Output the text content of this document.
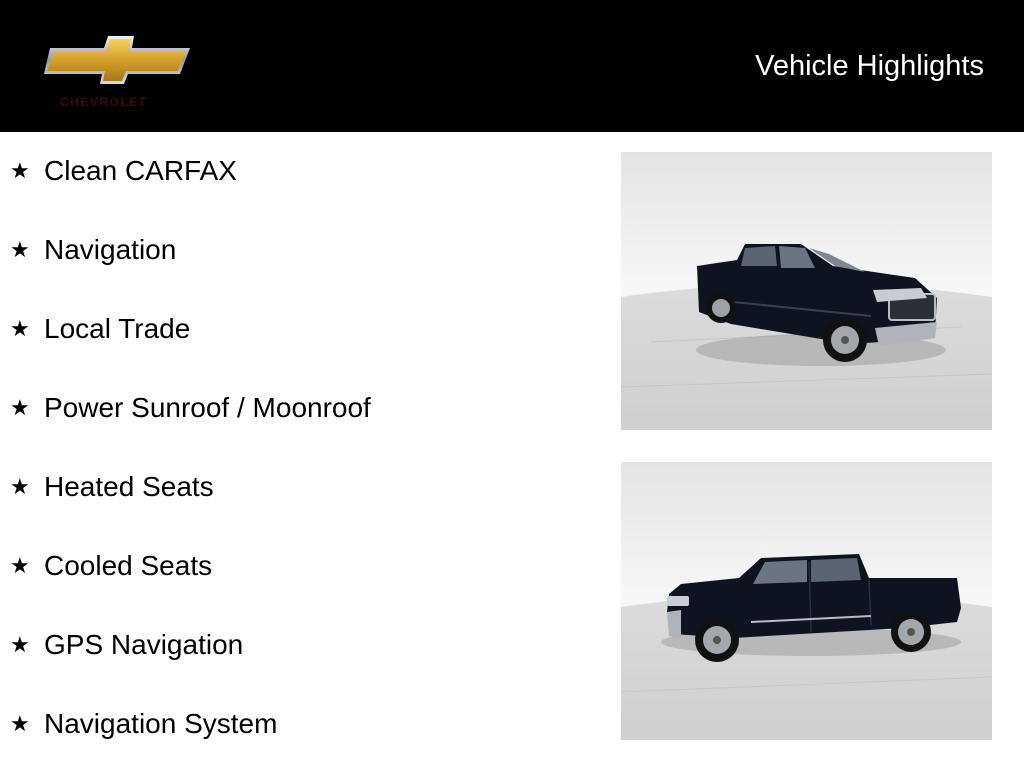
CHEVROLET
Vehicle Highlights
★ Clean CARFAX
★ Navigation
★ Local Trade
★ Power Sunroof / Moonroof
★ Heated Seats
★ Cooled Seats
★ GPS Navigation
★ Navigation System
